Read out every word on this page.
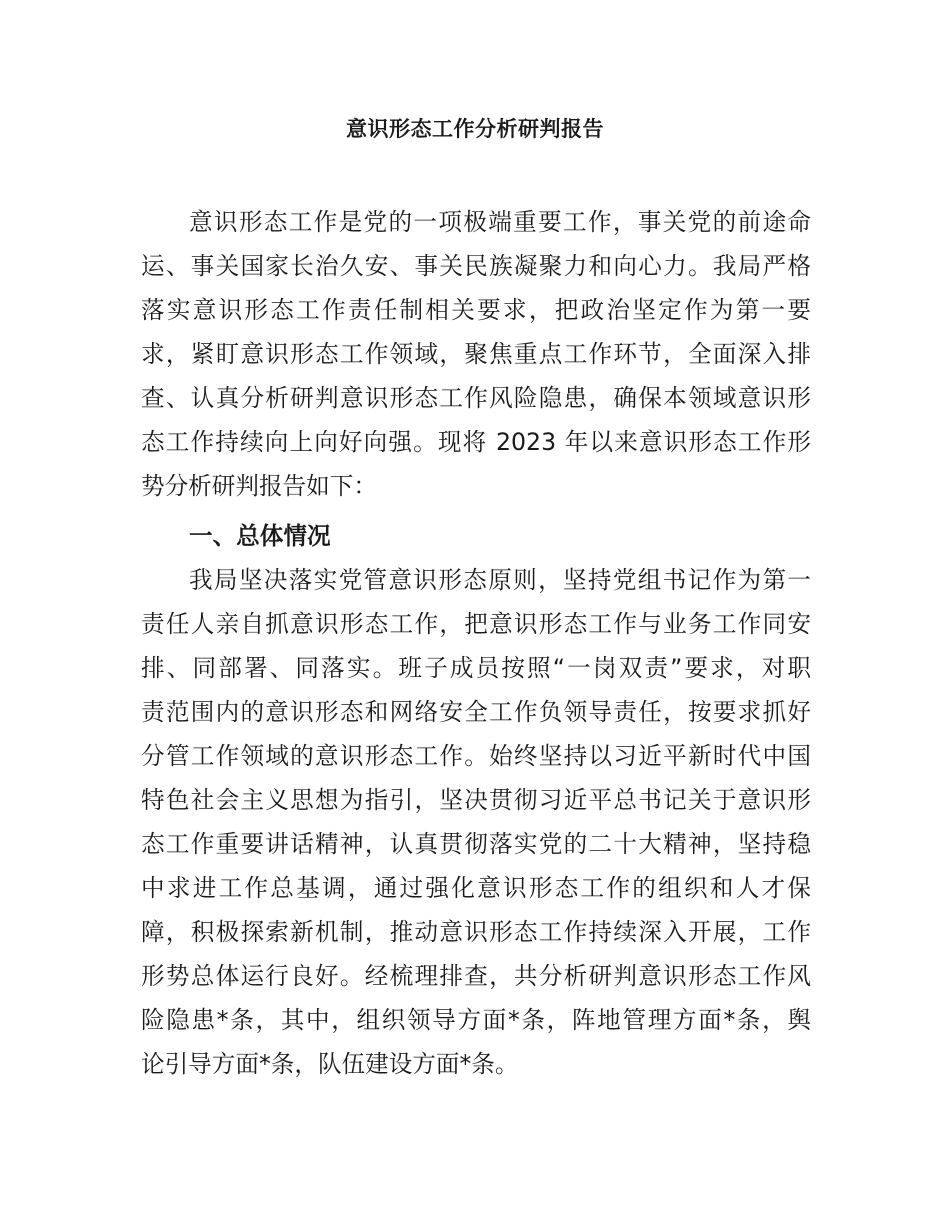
意识形态工作分析研判报告
意识形态工作是党的一项极端重要工作，事关党的前途命
运、事关国家长治久安、事关民族凝聚力和向心力。我局严格
落实意识形态工作责任制相关要求，把政治坚定作为第一要
求，紧盯意识形态工作领域，聚焦重点工作环节，全面深入排
查、认真分析研判意识形态工作风险隐患，确保本领域意识形
态工作持续向上向好向强。现将 2023 年以来意识形态工作形
势分析研判报告如下：
一、总体情况
我局坚决落实党管意识形态原则，坚持党组书记作为第一
责任人亲自抓意识形态工作，把意识形态工作与业务工作同安
排、同部署、同落实。班子成员按照“一岗双责”要求，对职
责范围内的意识形态和网络安全工作负领导责任，按要求抓好
分管工作领域的意识形态工作。始终坚持以习近平新时代中国
特色社会主义思想为指引，坚决贯彻习近平总书记关于意识形
态工作重要讲话精神，认真贯彻落实党的二十大精神，坚持稳
中求进工作总基调，通过强化意识形态工作的组织和人才保
障，积极探索新机制，推动意识形态工作持续深入开展，工作
形势总体运行良好。经梳理排查，共分析研判意识形态工作风
险隐患*条，其中，组织领导方面*条，阵地管理方面*条，舆
论引导方面*条，队伍建设方面*条。
